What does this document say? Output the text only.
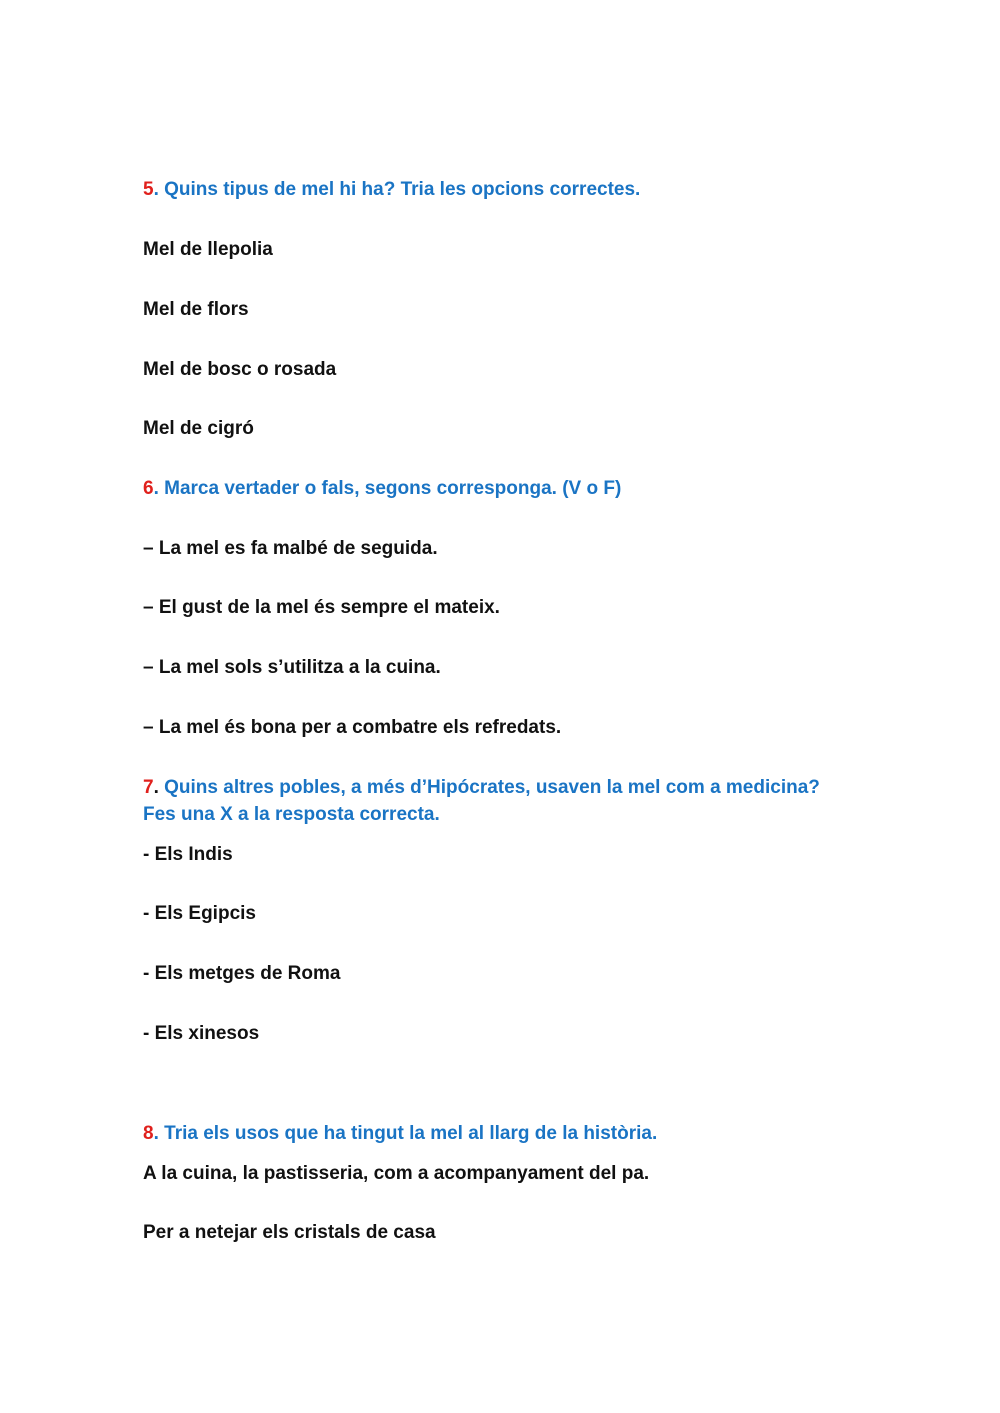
5. Quins tipus de mel hi ha? Tria les opcions correctes.
Mel de llepolia
Mel de flors
Mel de bosc o rosada
Mel de cigró
6. Marca vertader o fals, segons corresponga. (V o F)
– La mel es fa malbé de seguida.
– El gust de la mel és sempre el mateix.
– La mel sols s’utilitza a la cuina.
– La mel és bona per a combatre els refredats.
7. Quins altres pobles, a més d’Hipócrates, usaven la mel com a medicina?
Fes una X a la resposta correcta.
- Els Indis
- Els Egipcis
- Els metges de Roma
- Els xinesos
8. Tria els usos que ha tingut la mel al llarg de la història.
A la cuina, la pastisseria, com a acompanyament del pa.
Per a netejar els cristals de casa
